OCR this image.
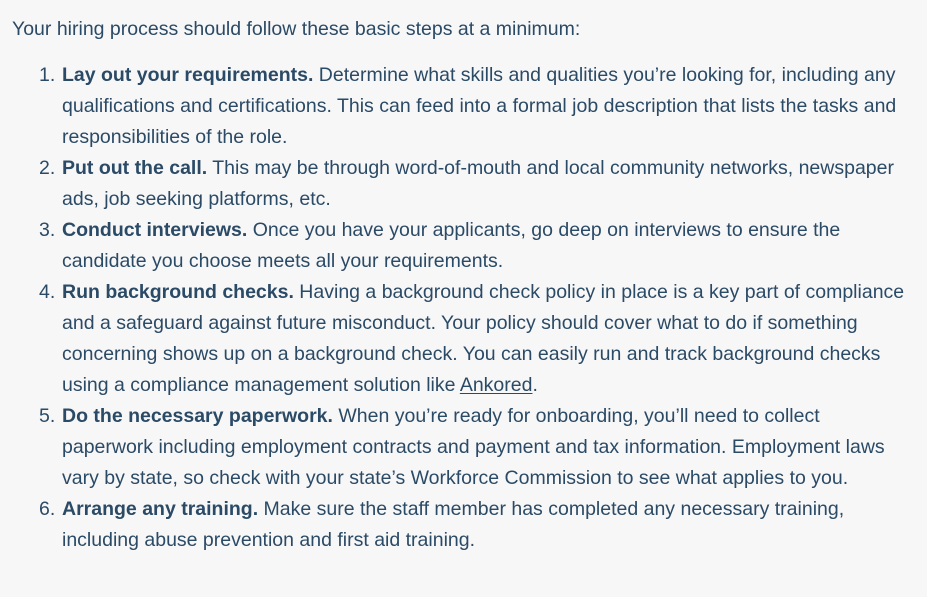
Your hiring process should follow these basic steps at a minimum:

1. Lay out your requirements. Determine what skills and qualities you’re looking for, including any qualifications and certifications. This can feed into a formal job description that lists the tasks and responsibilities of the role.
2. Put out the call. This may be through word-of-mouth and local community networks, newspaper ads, job seeking platforms, etc.
3. Conduct interviews. Once you have your applicants, go deep on interviews to ensure the candidate you choose meets all your requirements.
4. Run background checks. Having a background check policy in place is a key part of compliance and a safeguard against future misconduct. Your policy should cover what to do if something concerning shows up on a background check. You can easily run and track background checks using a compliance management solution like Ankored.
5. Do the necessary paperwork. When you’re ready for onboarding, you’ll need to collect paperwork including employment contracts and payment and tax information. Employment laws vary by state, so check with your state’s Workforce Commission to see what applies to you.
6. Arrange any training. Make sure the staff member has completed any necessary training, including abuse prevention and first aid training.
